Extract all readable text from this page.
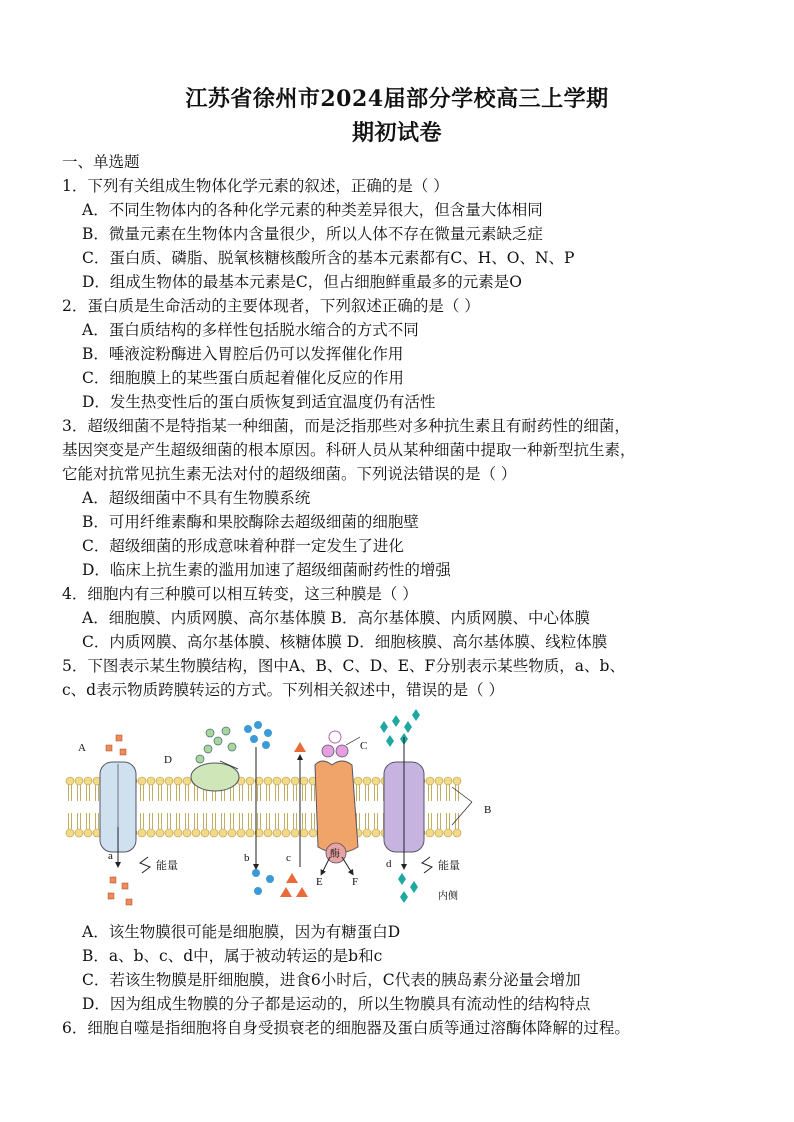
江苏省徐州市2024届部分学校高三上学期
期初试卷
一、单选题
1．下列有关组成生物体化学元素的叙述，正确的是（ ）
A．不同生物体内的各种化学元素的种类差异很大，但含量大体相同
B．微量元素在生物体内含量很少，所以人体不存在微量元素缺乏症
C．蛋白质、磷脂、脱氧核糖核酸所含的基本元素都有C、H、O、N、P
D．组成生物体的最基本元素是C，但占细胞鲜重最多的元素是O
2．蛋白质是生命活动的主要体现者，下列叙述正确的是（ ）
A．蛋白质结构的多样性包括脱水缩合的方式不同
B．唾液淀粉酶进入胃腔后仍可以发挥催化作用
C．细胞膜上的某些蛋白质起着催化反应的作用
D．发生热变性后的蛋白质恢复到适宜温度仍有活性
3．超级细菌不是特指某一种细菌，而是泛指那些对多种抗生素且有耐药性的细菌，
基因突变是产生超级细菌的根本原因。科研人员从某种细菌中提取一种新型抗生素，
它能对抗常见抗生素无法对付的超级细菌。下列说法错误的是（ ）
A．超级细菌中不具有生物膜系统
B．可用纤维素酶和果胶酶除去超级细菌的细胞壁
C．超级细菌的形成意味着种群一定发生了进化
D．临床上抗生素的滥用加速了超级细菌耐药性的增强
4．细胞内有三种膜可以相互转变，这三种膜是（ ）
A．细胞膜、内质网膜、高尔基体膜 B．高尔基体膜、内质网膜、中心体膜
C．内质网膜、高尔基体膜、核糖体膜 D．细胞核膜、高尔基体膜、线粒体膜
5．下图表示某生物膜结构，图中A、B、C、D、E、F分别表示某些物质，a、b、
c、d表示物质跨膜转运的方式。下列相关叙述中，错误的是（ ）
A
D
C
B
a	b	c	d
E	F
酶
能量	能量
内侧
A．该生物膜很可能是细胞膜，因为有糖蛋白D
B．a、b、c、d中，属于被动转运的是b和c
C．若该生物膜是肝细胞膜，进食6小时后，C代表的胰岛素分泌量会增加
D．因为组成生物膜的分子都是运动的，所以生物膜具有流动性的结构特点
6．细胞自噬是指细胞将自身受损衰老的细胞器及蛋白质等通过溶酶体降解的过程。
